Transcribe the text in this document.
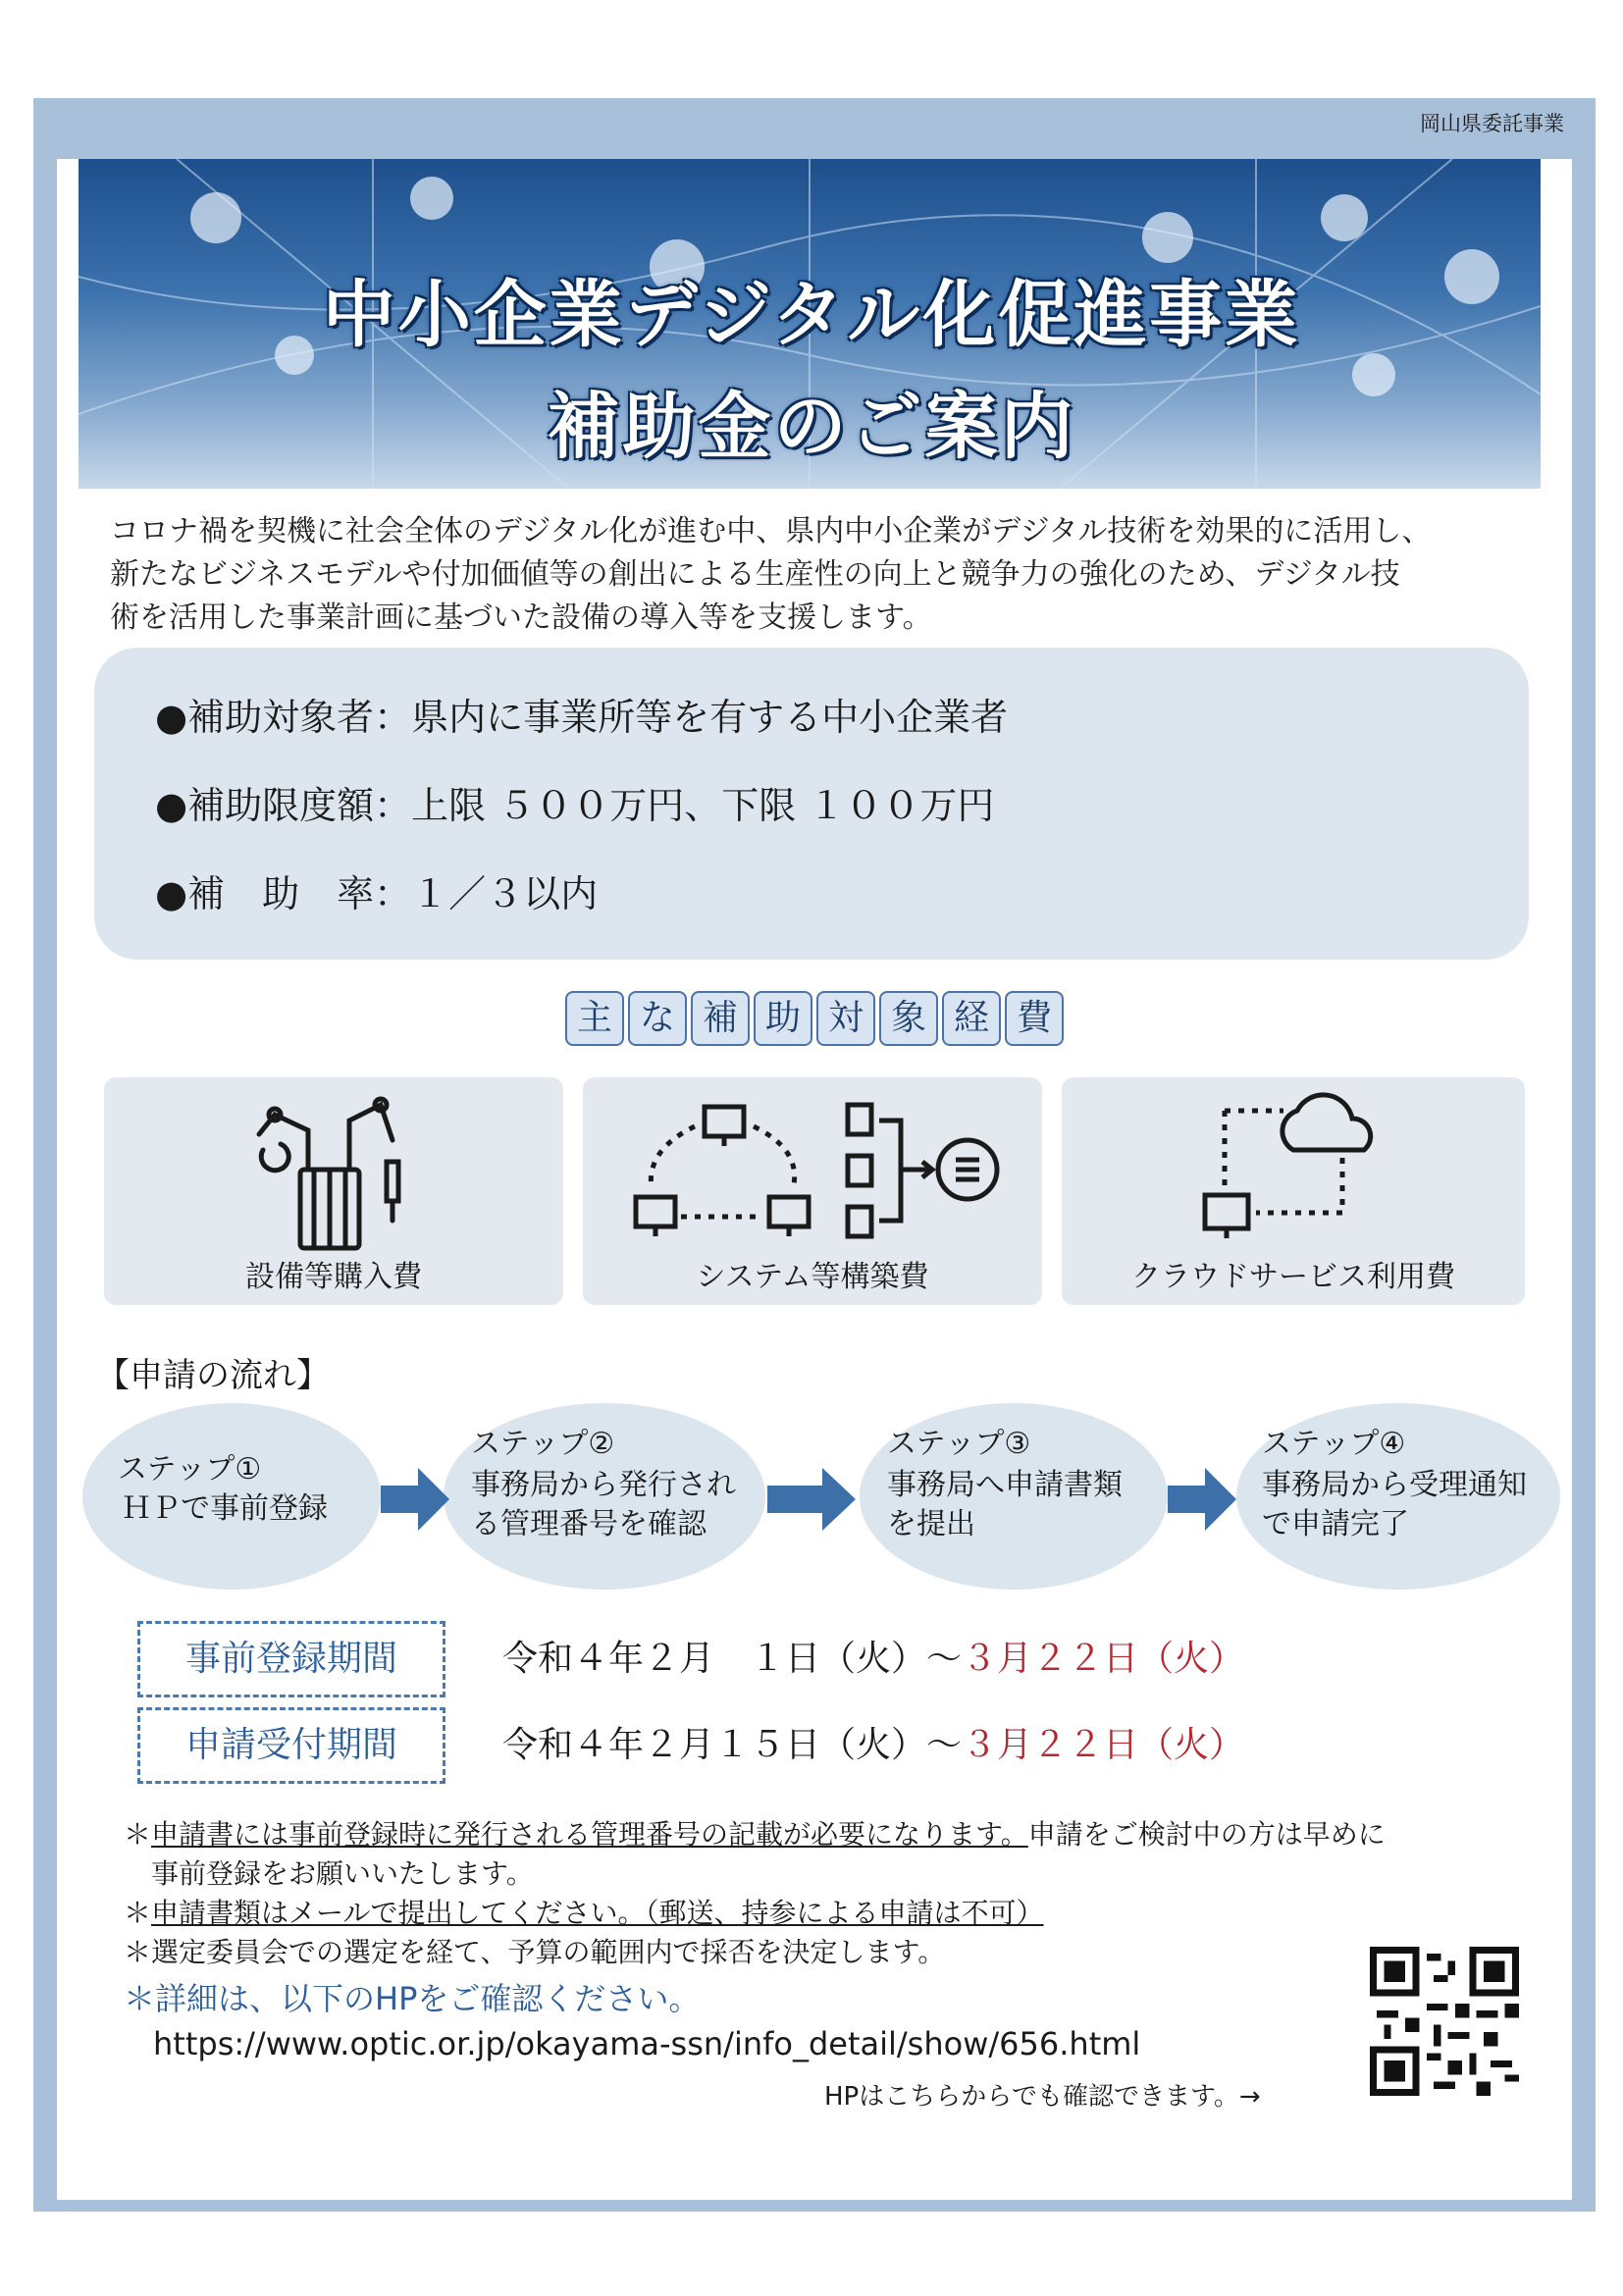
岡山県委託事業
中小企業デジタル化促進事業
補助金のご案内
コロナ禍を契機に社会全体のデジタル化が進む中、県内中小企業がデジタル技術を効果的に活用し、
新たなビジネスモデルや付加価値等の創出による生産性の向上と競争力の強化のため、デジタル技
術を活用した事業計画に基づいた設備の導入等を支援します。
●補助対象者：県内に事業所等を有する中小企業者
●補助限度額：上限 ５００万円、下限 １００万円
●補　助　率：１／３以内
主 な 補 助 対 象 経 費
設備等購入費	システム等構築費	クラウドサービス利用費
【申請の流れ】
ステップ①
ＨＰで事前登録
ステップ②
事務局から発行され
る管理番号を確認
ステップ③
事務局へ申請書類
を提出
ステップ④
事務局から受理通知
で申請完了
事前登録期間	令和４年２月　１日（火）～３月２２日（火）
申請受付期間	令和４年２月１５日（火）～３月２２日（火）
＊申請書には事前登録時に発行される管理番号の記載が必要になります。申請をご検討中の方は早めに
事前登録をお願いいたします。
＊申請書類はメールで提出してください。（郵送、持参による申請は不可）
＊選定委員会での選定を経て、予算の範囲内で採否を決定します。
＊詳細は、以下のHPをご確認ください。
https://www.optic.or.jp/okayama-ssn/info_detail/show/656.html
HPはこちらからでも確認できます。→
